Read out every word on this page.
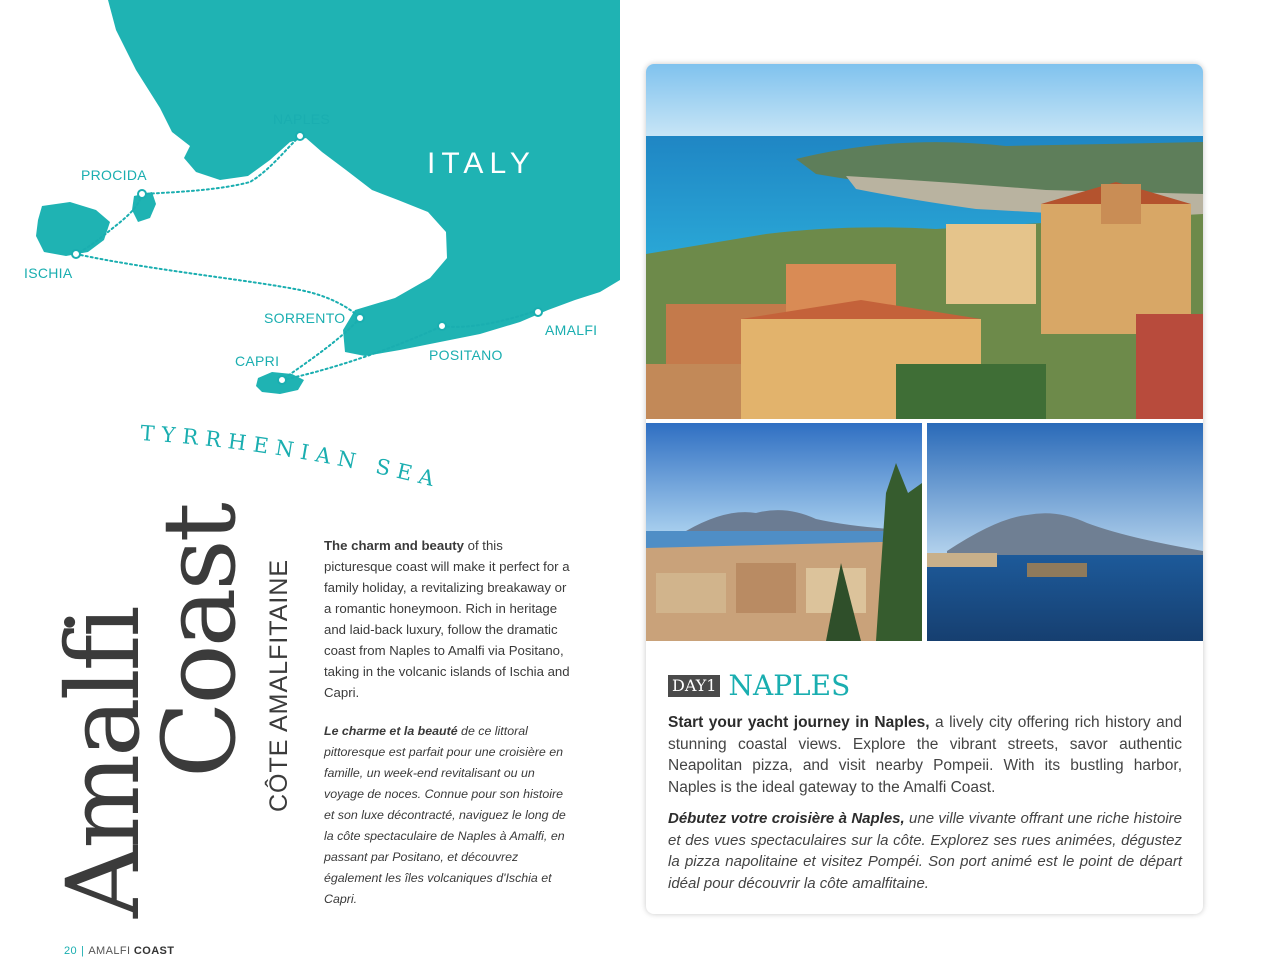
ITALY
NAPLES
PROCIDA
ISCHIA
SORRENTO
CAPRI	POSITANO
AMALFI
TYRRHENIAN SEA
Amalfi
Coast CÔTE AMALFITAINE

The charm and beauty of this picturesque coast will make it perfect for a family holiday, a revitalizing breakaway or a romantic honeymoon. Rich in heritage and laid-back luxury, follow the dramatic coast from Naples to Amalfi via Positano, taking in the volcanic islands of Ischia and Capri.

Le charme et la beauté de ce littoral pittoresque est parfait pour une croisière en famille, un week-end revitalisant ou un voyage de noces. Connue pour son histoire et son luxe décontracté, naviguez le long de la côte spectaculaire de Naples à Amalfi, en passant par Positano, et découvrez également les îles volcaniques d'Ischia et Capri.

20 | AMALFI COAST
DAY1 NAPLES

Start your yacht journey in Naples, a lively city offering rich history and stunning coastal views. Explore the vibrant streets, savor authentic Neapolitan pizza, and visit nearby Pompeii. With its bustling harbor, Naples is the ideal gateway to the Amalfi Coast.

Débutez votre croisière à Naples, une ville vivante offrant une riche histoire et des vues spectaculaires sur la côte. Explorez ses rues animées, dégustez la pizza napolitaine et visitez Pompéi. Son port animé est le point de départ idéal pour découvrir la côte amalfitaine.
